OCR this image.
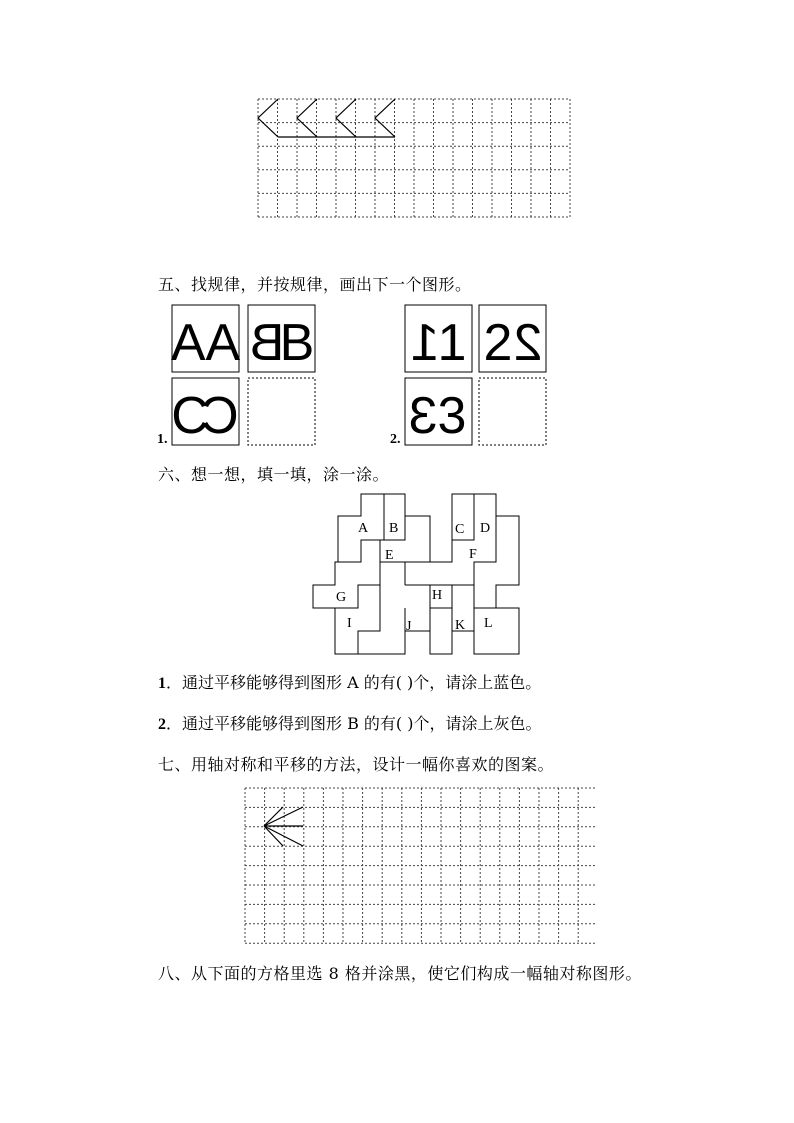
五、找规律，并按规律，画出下一个图形。
AA B
B
C
C
1
1 2 2
3 3
1.	2.
六、想一想，填一填，涂一涂。
A B	C D
E	F
G	H
I	J	K L
1．通过平移能够得到图形 A 的有( )个，请涂上蓝色。
2．通过平移能够得到图形 B 的有( )个，请涂上灰色。
七、用轴对称和平移的方法，设计一幅你喜欢的图案。
八、从下面的方格里选 8 格并涂黑，使它们构成一幅轴对称图形。
